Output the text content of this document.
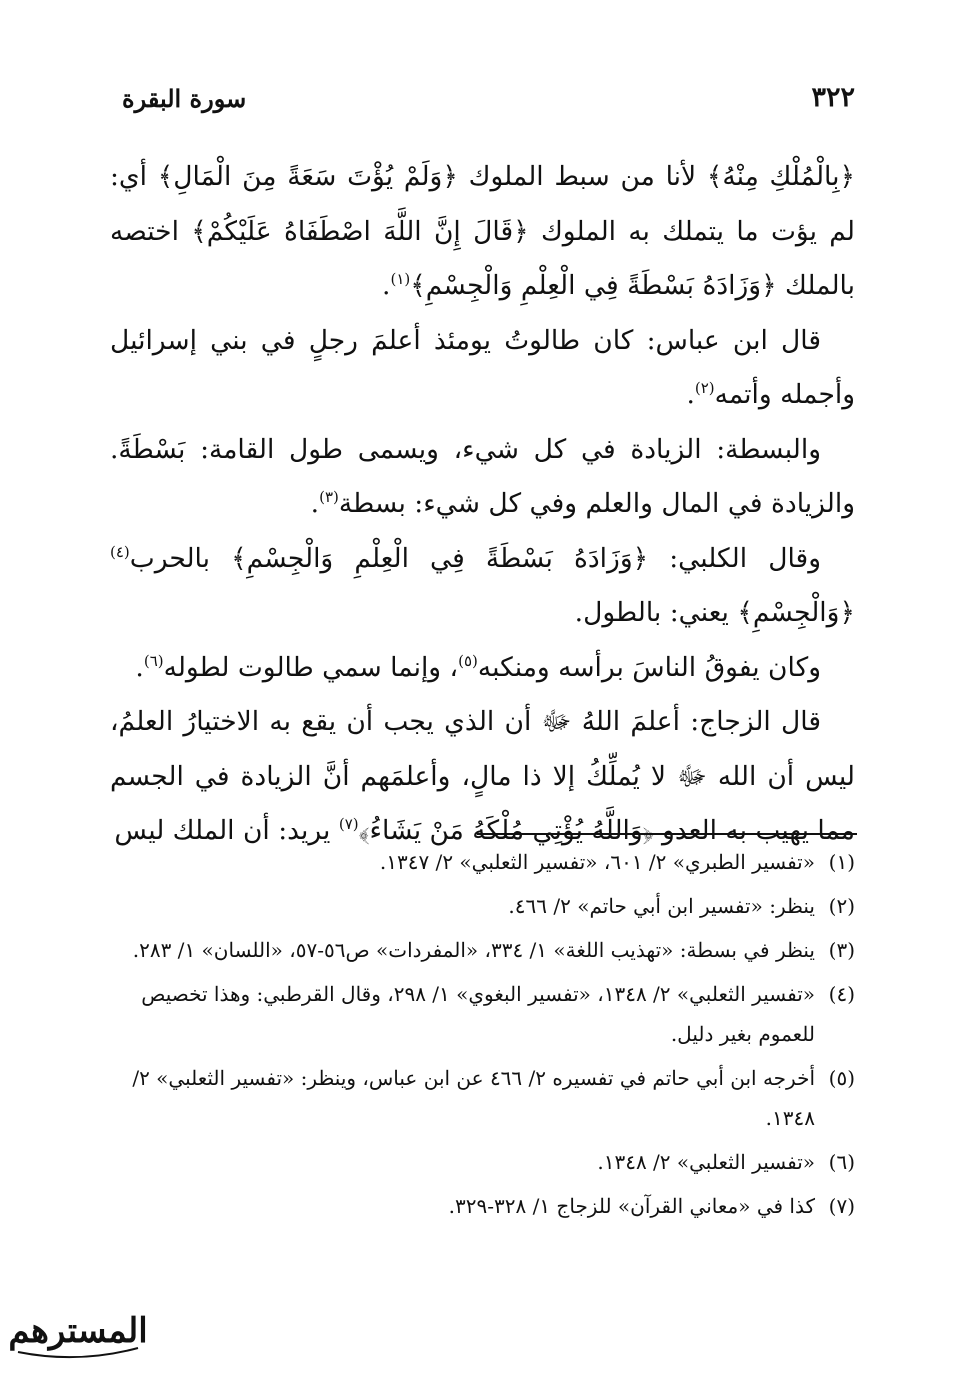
٣٢٢
سورة البقرة

﴿بِالْمُلْكِ مِنْهُ﴾ لأنا من سبط الملوك ﴿وَلَمْ يُؤْتَ سَعَةً مِنَ الْمَالِ﴾ أي: لم يؤت ما يتملك به الملوك ﴿قَالَ إِنَّ اللَّهَ اصْطَفَاهُ عَلَيْكُمْ﴾ اختصه بالملك ﴿وَزَادَهُ بَسْطَةً فِي الْعِلْمِ وَالْجِسْمِ﴾$^{(١)}$.

قال ابن عباس: كان طالوتُ يومئذ أعلمَ رجلٍ في بني إسرائيل وأجمله وأتمه$^{(٢)}$.

والبسطة: الزيادة في كل شيء، ويسمى طول القامة: بَسْطَةً. والزيادة في المال والعلم وفي كل شيء: بسطة$^{(٣)}$.

وقال الكلبي: ﴿وَزَادَهُ بَسْطَةً فِي الْعِلْمِ وَالْجِسْمِ﴾ بالحرب$^{(٤)}$ ﴿وَالْجِسْمِ﴾ يعني: بالطول.

وكان يفوقُ الناسَ برأسه ومنكبه$^{(٥)}$، وإنما سمي طالوت لطوله$^{(٦)}$.

قال الزجاج: أعلمَ اللهُ ﷻ أن الذي يجب أن يقع به الاختيارُ العلمُ، ليس أن الله ﷻ لا يُملِّكُ إلا ذا مالٍ، وأعلمَهم أنَّ الزيادة في الجسم مما يهيب به العدو ﴿وَاللَّهُ يُؤْتِي مُلْكَهُ مَنْ يَشَاءُ﴾$^{(٧)}$ يريد: أن الملك ليس

(١)
«تفسير الطبري» ٢/ ٦٠١، «تفسير الثعلبي» ٢/ ١٣٤٧.
(٢)
ينظر: «تفسير ابن أبي حاتم» ٢/ ٤٦٦.
(٣)
ينظر في بسطة: «تهذيب اللغة» ١/ ٣٣٤، «المفردات» ص٥٦-٥٧، «اللسان» ١/ ٢٨٣.
(٤)
«تفسير الثعلبي» ٢/ ١٣٤٨، «تفسير البغوي» ١/ ٢٩٨، وقال القرطبي: وهذا تخصيص للعموم بغير دليل.
(٥)
أخرجه ابن أبي حاتم في تفسيره ٢/ ٤٦٦ عن ابن عباس، وينظر: «تفسير الثعلبي» ٢/ ١٣٤٨.
(٦)
«تفسير الثعلبي» ٢/ ١٣٤٨.
(٧)
كذا في «معاني القرآن» للزجاج ١/ ٣٢٨-٣٢٩.
المسترهم
